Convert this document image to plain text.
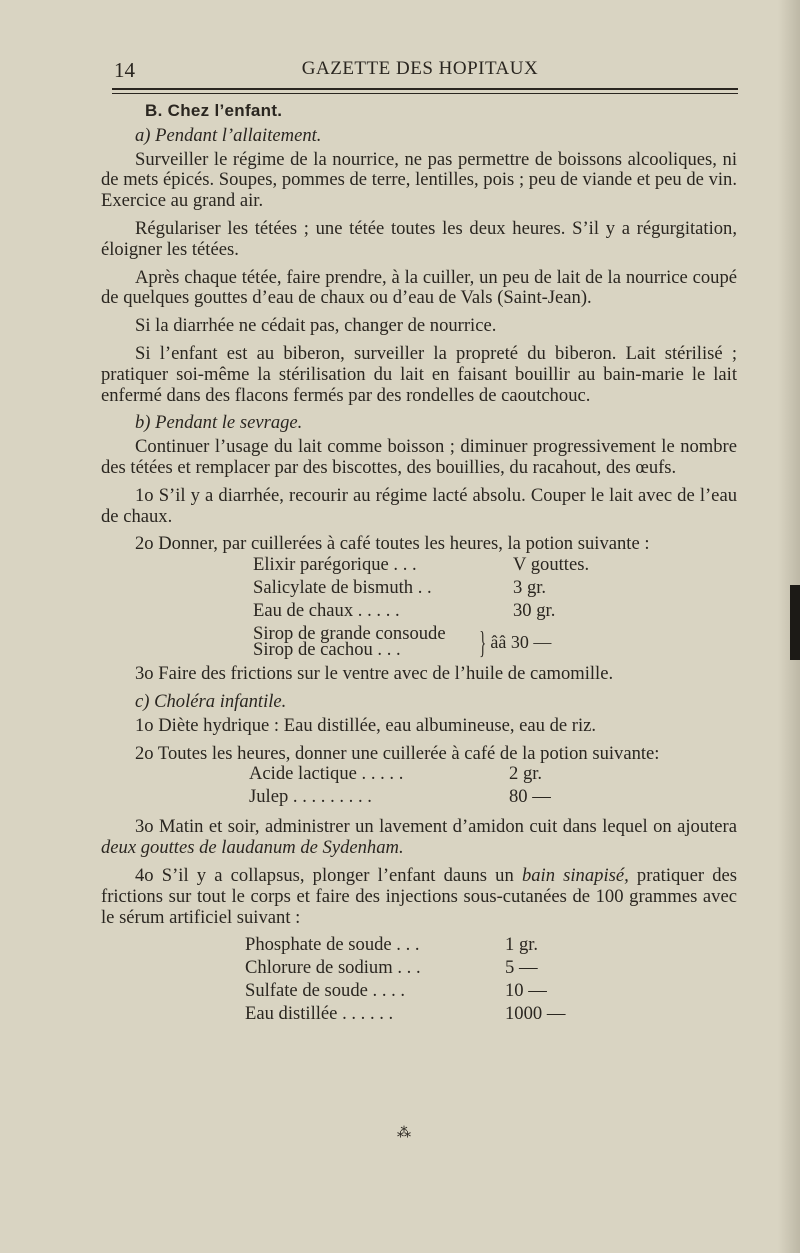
14	GAZETTE DES HOPITAUX
B. Chez l’enfant.

a) Pendant l’allaitement.

Surveiller le régime de la nourrice, ne pas permettre de boissons alcooliques, ni de mets épicés. Soupes, pommes de terre, lentilles, pois ; peu de viande et peu de vin. Exercice au grand air.

Régulariser les tétées ; une tétée toutes les deux heures. S’il y a régurgitation, éloigner les tétées.

Après chaque tétée, faire prendre, à la cuiller, un peu de lait de la nourrice coupé de quelques gouttes d’eau de chaux ou d’eau de Vals (Saint-Jean).

Si la diarrhée ne cédait pas, changer de nourrice.

Si l’enfant est au biberon, surveiller la propreté du biberon. Lait stérilisé ; pratiquer soi-même la stérilisation du lait en faisant bouillir au bain-marie le lait enfermé dans des flacons fermés par des rondelles de caoutchouc.

b) Pendant le sevrage.

Continuer l’usage du lait comme boisson ; diminuer progressivement le nombre des tétées et remplacer par des biscottes, des bouillies, du racahout, des œufs.

1o S’il y a diarrhée, recourir au régime lacté absolu. Couper le lait avec de l’eau de chaux.

2o Donner, par cuillerées à café toutes les heures, la potion suivante :

Elixir parégorique . . .	V gouttes.
Salicylate de bismuth . .	3 gr.
Eau de chaux . . . . .	30 gr.
Sirop de grande consoude
Sirop de cachou . . .	} ââ 30 —

3o Faire des frictions sur le ventre avec de l’huile de camomille.

c) Choléra infantile.

1o Diète hydrique : Eau distillée, eau albumineuse, eau de riz.

2o Toutes les heures, donner une cuillerée à café de la potion suivante:

Acide lactique . . . . .	2 gr.
Julep . . . . . . . . .	80 —

3o Matin et soir, administrer un lavement d’amidon cuit dans lequel on ajoutera deux gouttes de laudanum de Sydenham.

4o S’il y a collapsus, plonger l’enfant dauns un bain sinapisé, pratiquer des frictions sur tout le corps et faire des injections sous-cutanées de 100 grammes avec le sérum artificiel suivant :

Phosphate de soude . . .	1 gr.
Chlorure de sodium . . .	5 —
Sulfate de soude . . . .	10 —
Eau distillée . . . . . .	1000 —
⁂
